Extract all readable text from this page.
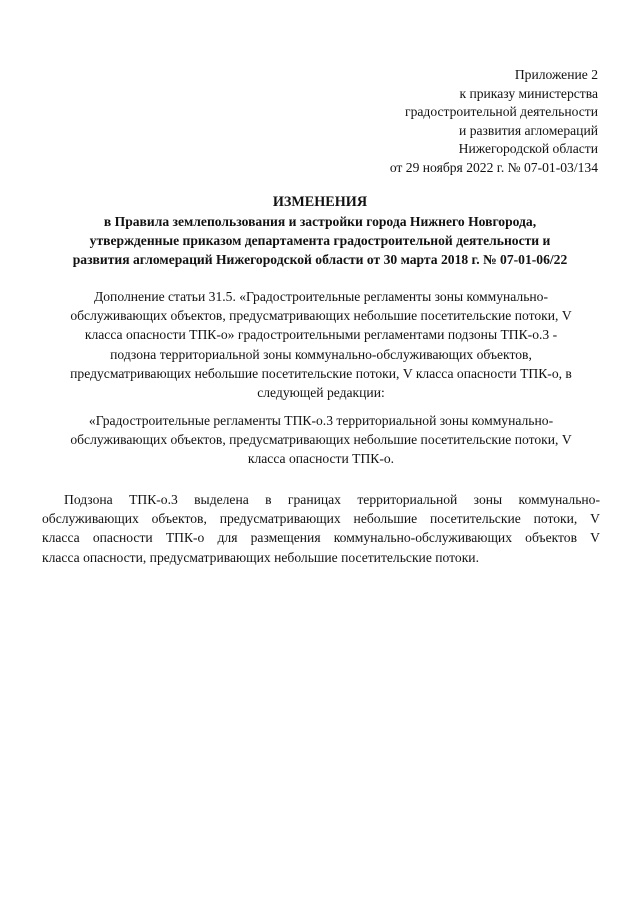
Приложение 2
к приказу министерства
градостроительной деятельности
и развития агломераций
Нижегородской области
от 29 ноября 2022 г. № 07-01-03/134
ИЗМЕНЕНИЯ
в Правила землепользования и застройки города Нижнего Новгорода,
утвержденные приказом департамента градостроительной деятельности и
развития агломераций Нижегородской области от 30 марта 2018 г. № 07-01-06/22
Дополнение статьи 31.5. «Градостроительные регламенты зоны коммунально-
обслуживающих объектов, предусматривающих небольшие посетительские потоки, V
класса опасности ТПК-о» градостроительными регламентами подзоны ТПК-о.3 -
подзона территориальной зоны коммунально-обслуживающих объектов,
предусматривающих небольшие посетительские потоки, V класса опасности ТПК-о, в
следующей редакции:
«Градостроительные регламенты ТПК-о.3 территориальной зоны коммунально-
обслуживающих объектов, предусматривающих небольшие посетительские потоки, V
класса опасности ТПК-о.
Подзона ТПК-о.3 выделена в границах территориальной зоны коммунально-
обслуживающих объектов, предусматривающих небольшие посетительские потоки, V
класса опасности ТПК-о для размещения коммунально-обслуживающих объектов V
класса опасности, предусматривающих небольшие посетительские потоки.
